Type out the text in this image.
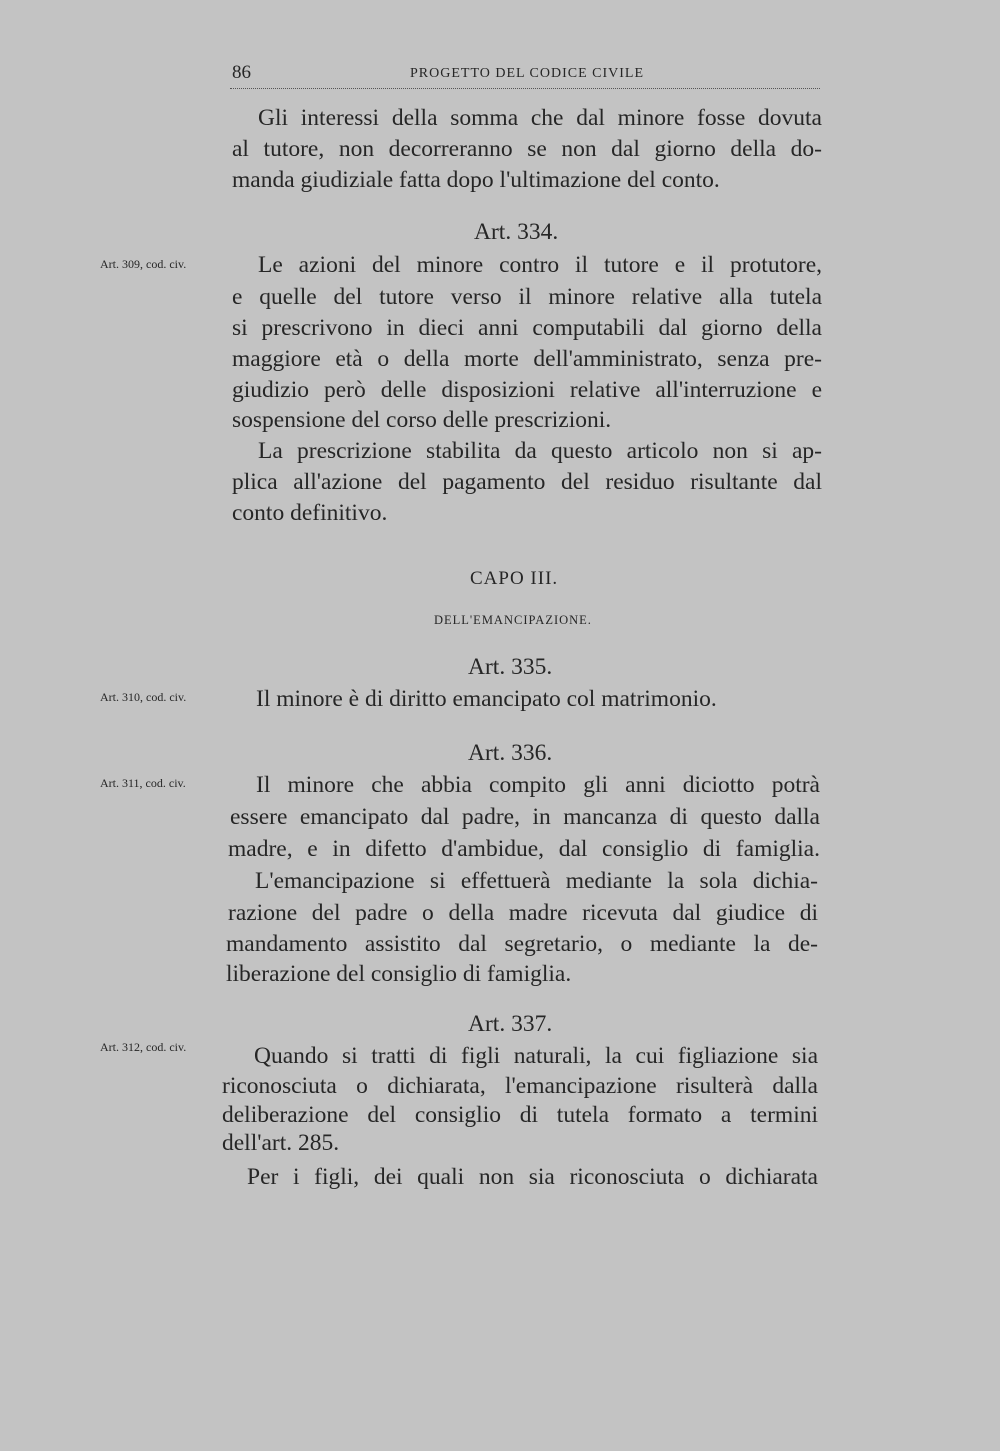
86	PROGETTO DEL CODICE CIVILE
Gli interessi della somma che dal minore fosse dovuta
al tutore, non decorreranno se non dal giorno della do-
manda giudiziale fatta dopo l'ultimazione del conto.
Art. 334.
Art. 309, cod. civ.	Le azioni del minore contro il tutore e il protutore,
e quelle del tutore verso il minore relative alla tutela
si prescrivono in dieci anni computabili dal giorno della
maggiore età o della morte dell'amministrato, senza pre-
giudizio però delle disposizioni relative all'interruzione e
sospensione del corso delle prescrizioni.
La prescrizione stabilita da questo articolo non si ap-
plica all'azione del pagamento del residuo risultante dal
conto definitivo.
CAPO III.
DELL'EMANCIPAZIONE.
Art. 335.
Art. 310, cod. civ.	Il minore è di diritto emancipato col matrimonio.
Art. 336.
Art. 311, cod. civ.	Il minore che abbia compito gli anni diciotto potrà
essere emancipato dal padre, in mancanza di questo dalla
madre, e in difetto d'ambidue, dal consiglio di famiglia.
L'emancipazione si effettuerà mediante la sola dichia-
razione del padre o della madre ricevuta dal giudice di
mandamento assistito dal segretario, o mediante la de-
liberazione del consiglio di famiglia.
Art. 337.
Art. 312, cod. civ.	Quando si tratti di figli naturali, la cui figliazione sia
riconosciuta o dichiarata, l'emancipazione risulterà dalla
deliberazione del consiglio di tutela formato a termini
dell'art. 285.
Per i figli, dei quali non sia riconosciuta o dichiarata
